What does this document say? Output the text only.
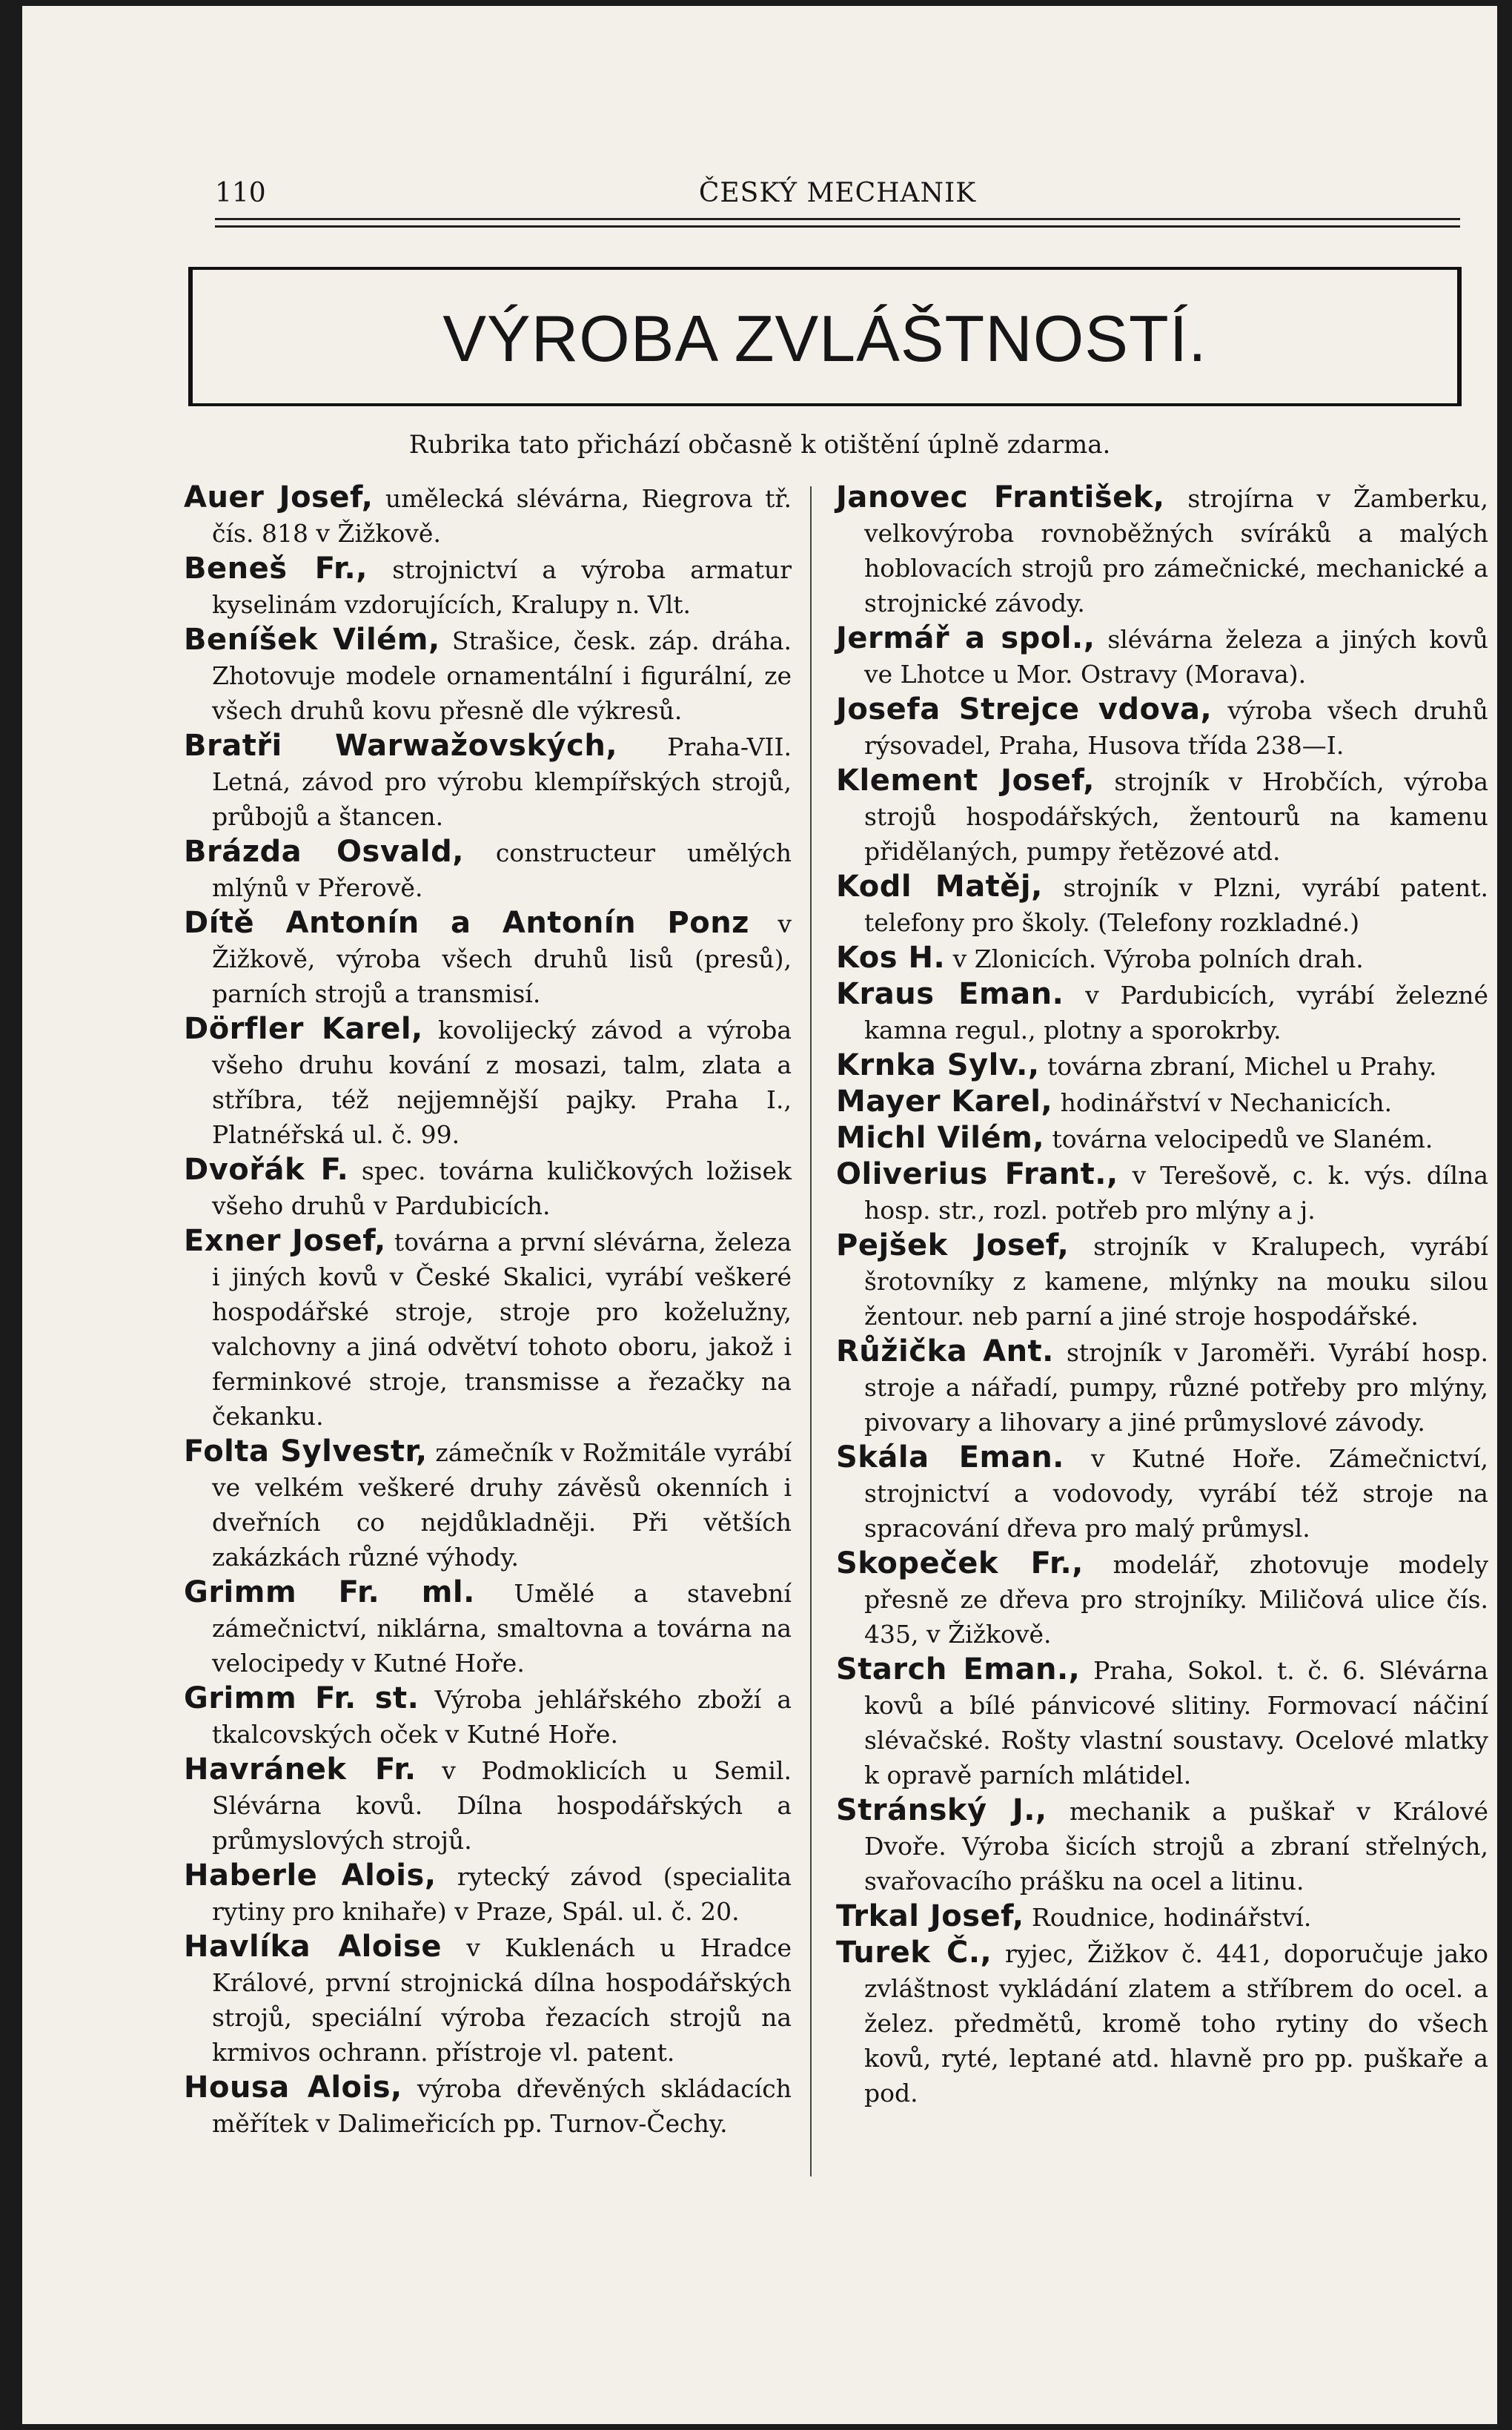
110	ČESKÝ MECHANIK
VÝROBA ZVLÁŠTNOSTÍ.
Rubrika tato přichází občasně k otištění úplně zdarma.

Auer Josef, umělecká slévárna, Riegrova tř. čís. 818 v Žižkově.

Beneš Fr., strojnictví a výroba armatur kyselinám vzdorujících, Kralupy n. Vlt.

Beníšek Vilém, Strašice, česk. záp. dráha. Zhotovuje modele ornamentální i figurální, ze všech druhů kovu přesně dle výkresů.

Bratři Warwažovských, Praha-VII. Letná, závod pro výrobu klempířských strojů, průbojů a štancen.

Brázda Osvald, constructeur umělých mlýnů v Přerově.

Dítě Antonín a Antonín Ponz v Žižkově, výroba všech druhů lisů (presů), parních strojů a transmisí.

Dörfler Karel, kovolijecký závod a výroba všeho druhu kování z mosazi, talm, zlata a stříbra, též nejjemnější pajky. Praha I., Platnéřská ul. č. 99.

Dvořák F. spec. továrna kuličkových ložisek všeho druhů v Pardubicích.

Exner Josef, továrna a první slévárna, železa i jiných kovů v České Skalici, vyrábí veškeré hospodářské stroje, stroje pro koželužny, valchovny a jiná odvětví tohoto oboru, jakož i ferminkové stroje, transmisse a řezačky na čekanku.

Folta Sylvestr, zámečník v Rožmitále vyrábí ve velkém veškeré druhy závěsů okenních i dveřních co nejdůkladněji. Při větších zakázkách různé výhody.

Grimm Fr. ml. Umělé a stavební zámečnictví, niklárna, smaltovna a továrna na velocipedy v Kutné Hoře.

Grimm Fr. st. Výroba jehlářského zboží a tkalcovských oček v Kutné Hoře.

Havránek Fr. v Podmoklicích u Semil. Slévárna kovů. Dílna hospodářských a průmyslových strojů.

Haberle Alois, rytecký závod (specialita rytiny pro knihaře) v Praze, Spál. ul. č. 20.

Havlíka Aloise v Kuklenách u Hradce Králové, první strojnická dílna hospodářských strojů, speciální výroba řezacích strojů na krmivos ochrann. přístroje vl. patent.

Housa Alois, výroba dřevěných skládacích měřítek v Dalimeřicích pp. Turnov-Čechy.

Janovec František, strojírna v Žamberku, velkovýroba rovnoběžných svíráků a malých hoblovacích strojů pro zámečnické, mechanické a strojnické závody.

Jermář a spol., slévárna železa a jiných kovů ve Lhotce u Mor. Ostravy (Morava).

Josefa Strejce vdova, výroba všech druhů rýsovadel, Praha, Husova třída 238—I.

Klement Josef, strojník v Hrobčích, výroba strojů hospodářských, žentourů na kamenu přidělaných, pumpy řetězové atd.

Kodl Matěj, strojník v Plzni, vyrábí patent. telefony pro školy. (Telefony rozkladné.)

Kos H. v Zlonicích. Výroba polních drah.

Kraus Eman. v Pardubicích, vyrábí železné kamna regul., plotny a sporokrby.

Krnka Sylv., továrna zbraní, Michel u Prahy.

Mayer Karel, hodinářství v Nechanicích.

Michl Vilém, továrna velocipedů ve Slaném.

Oliverius Frant., v Terešově, c. k. výs. dílna hosp. str., rozl. potřeb pro mlýny a j.

Pejšek Josef, strojník v Kralupech, vyrábí šrotovníky z kamene, mlýnky na mouku silou žentour. neb parní a jiné stroje hospodářské.

Růžička Ant. strojník v Jaroměři. Vyrábí hosp. stroje a nářadí, pumpy, různé potřeby pro mlýny, pivovary a lihovary a jiné průmyslové závody.

Skála Eman. v Kutné Hoře. Zámečnictví, strojnictví a vodovody, vyrábí též stroje na spracování dřeva pro malý průmysl.

Skopeček Fr., modelář, zhotovuje modely přesně ze dřeva pro strojníky. Miličová ulice čís. 435, v Žižkově.

Starch Eman., Praha, Sokol. t. č. 6. Slévárna kovů a bílé pánvicové slitiny. Formovací náčiní slévačské. Rošty vlastní soustavy. Ocelové mlatky k opravě parních mlátidel.

Stránský J., mechanik a puškař v Králové Dvoře. Výroba šicích strojů a zbraní střelných, svařovacího prášku na ocel a litinu.

Trkal Josef, Roudnice, hodinářství.

Turek Č., ryjec, Žižkov č. 441, doporučuje jako zvláštnost vykládání zlatem a stříbrem do ocel. a želez. předmětů, kromě toho rytiny do všech kovů, ryté, leptané atd. hlavně pro pp. puškaře a pod.
